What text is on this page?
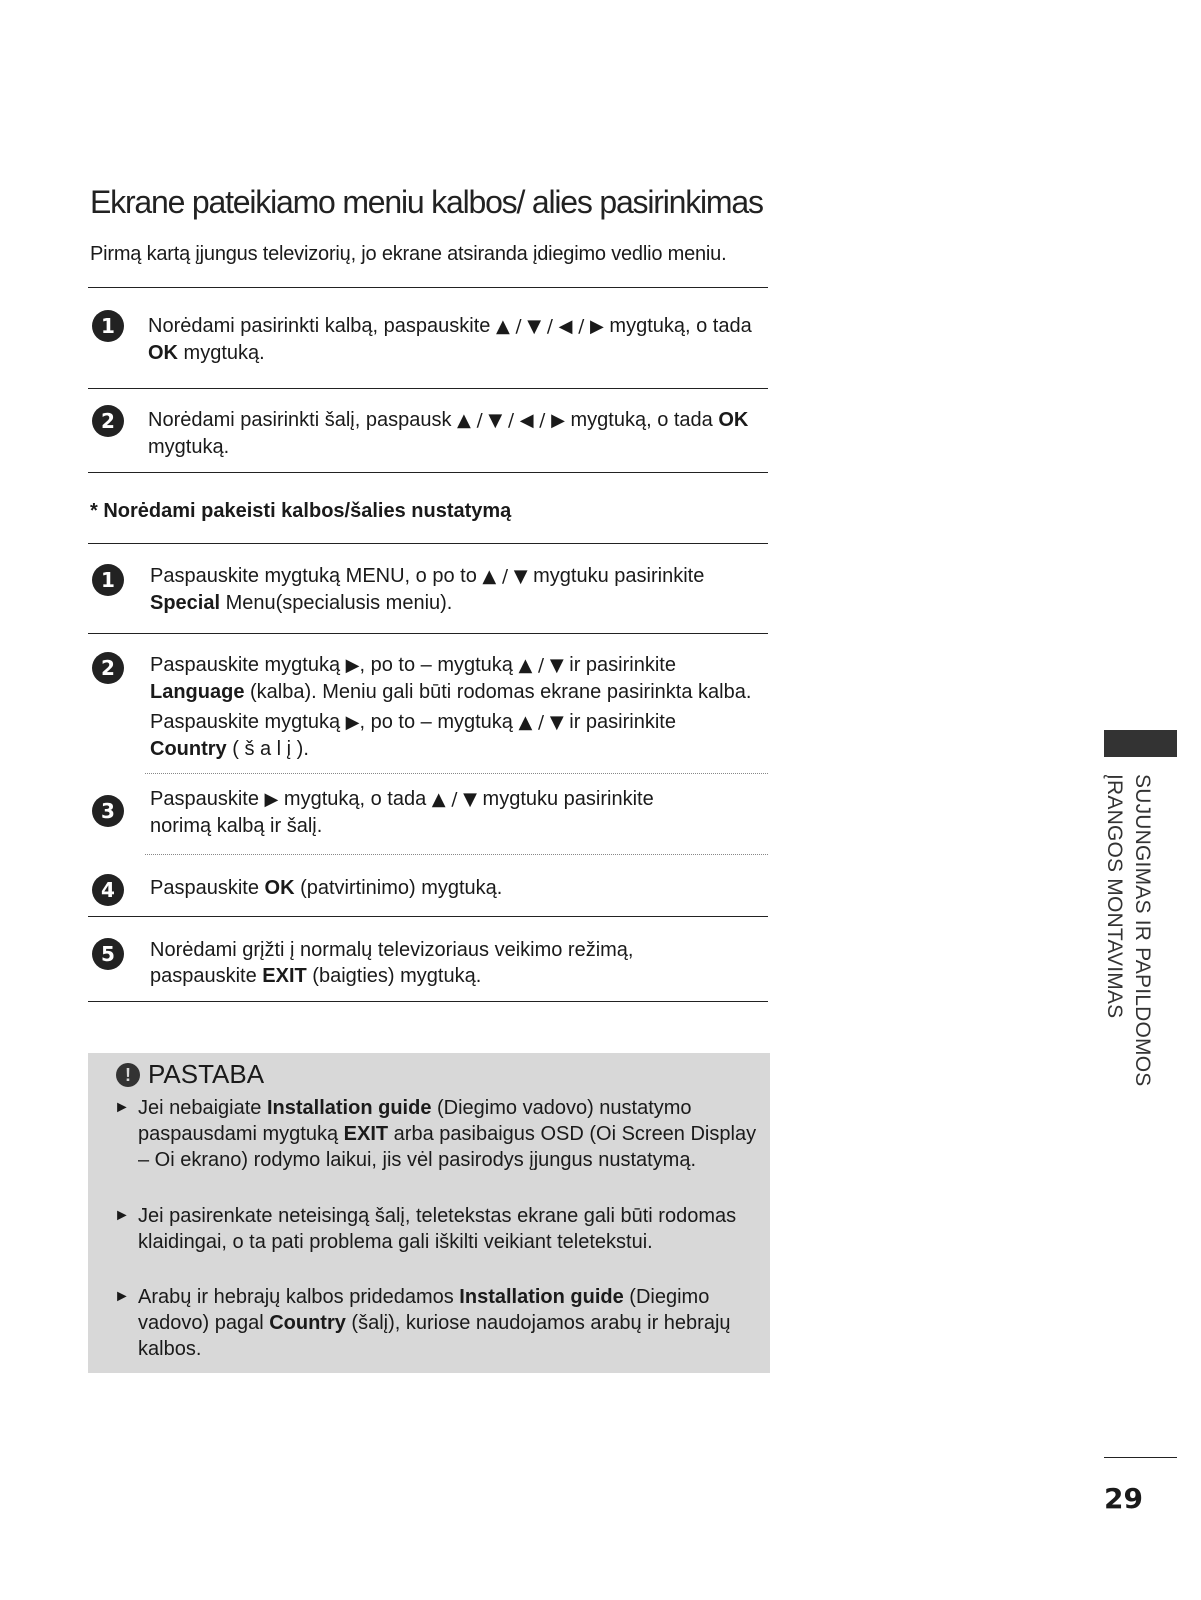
Ekrane pateikiamo meniu kalbos/ alies pasirinkimas
Pirmą kartą įjungus televizorių, jo ekrane atsiranda įdiegimo vedlio meniu.
1	Norėdami pasirinkti kalbą, paspauskite ▲ / ▼ / ◀ / ▶ mygtuką, o tada OK mygtuką.
2	Norėdami pasirinkti šalį, paspausk ▲ / ▼ / ◀ / ▶ mygtuką, o tada OK mygtuką.
* Norėdami pakeisti kalbos/šalies nustatymą
1	Paspauskite mygtuką MENU, o po to ▲ / ▼ mygtuku pasirinkite Special Menu(specialusis meniu).
2	Paspauskite mygtuką ▶, po to – mygtuką ▲ / ▼ ir pasirinkite
Language (kalba). Meniu gali būti rodomas ekrane pasirinkta kalba.
Paspauskite mygtuką ▶, po to – mygtuką ▲ / ▼ ir pasirinkite
Country ( š a l į ).
3	Paspauskite ▶ mygtuką, o tada ▲ / ▼ mygtuku pasirinkite norimą kalbą ir šalį.
4	Paspauskite OK (patvirtinimo) mygtuką.
5	Norėdami grįžti į normalų televizoriaus veikimo režimą, paspauskite EXIT (baigties) mygtuką.
! PASTABA
► Jei nebaigiate Installation guide (Diegimo vadovo) nustatymo paspausdami mygtuką EXIT arba pasibaigus OSD (Oi Screen Display – Oi ekrano) rodymo laikui, jis vėl pasirodys įjungus nustatymą.
► Jei pasirenkate neteisingą šalį, teletekstas ekrane gali būti rodomas klaidingai, o ta pati problema gali iškilti veikiant teletekstui.
► Arabų ir hebrajų kalbos pridedamos Installation guide (Diegimo vadovo) pagal Country (šalį), kuriose naudojamos arabų ir hebrajų kalbos.
SUJUNGIMAS IR PAPILDOMOS
ĮRANGOS MONTAVIMAS
29
